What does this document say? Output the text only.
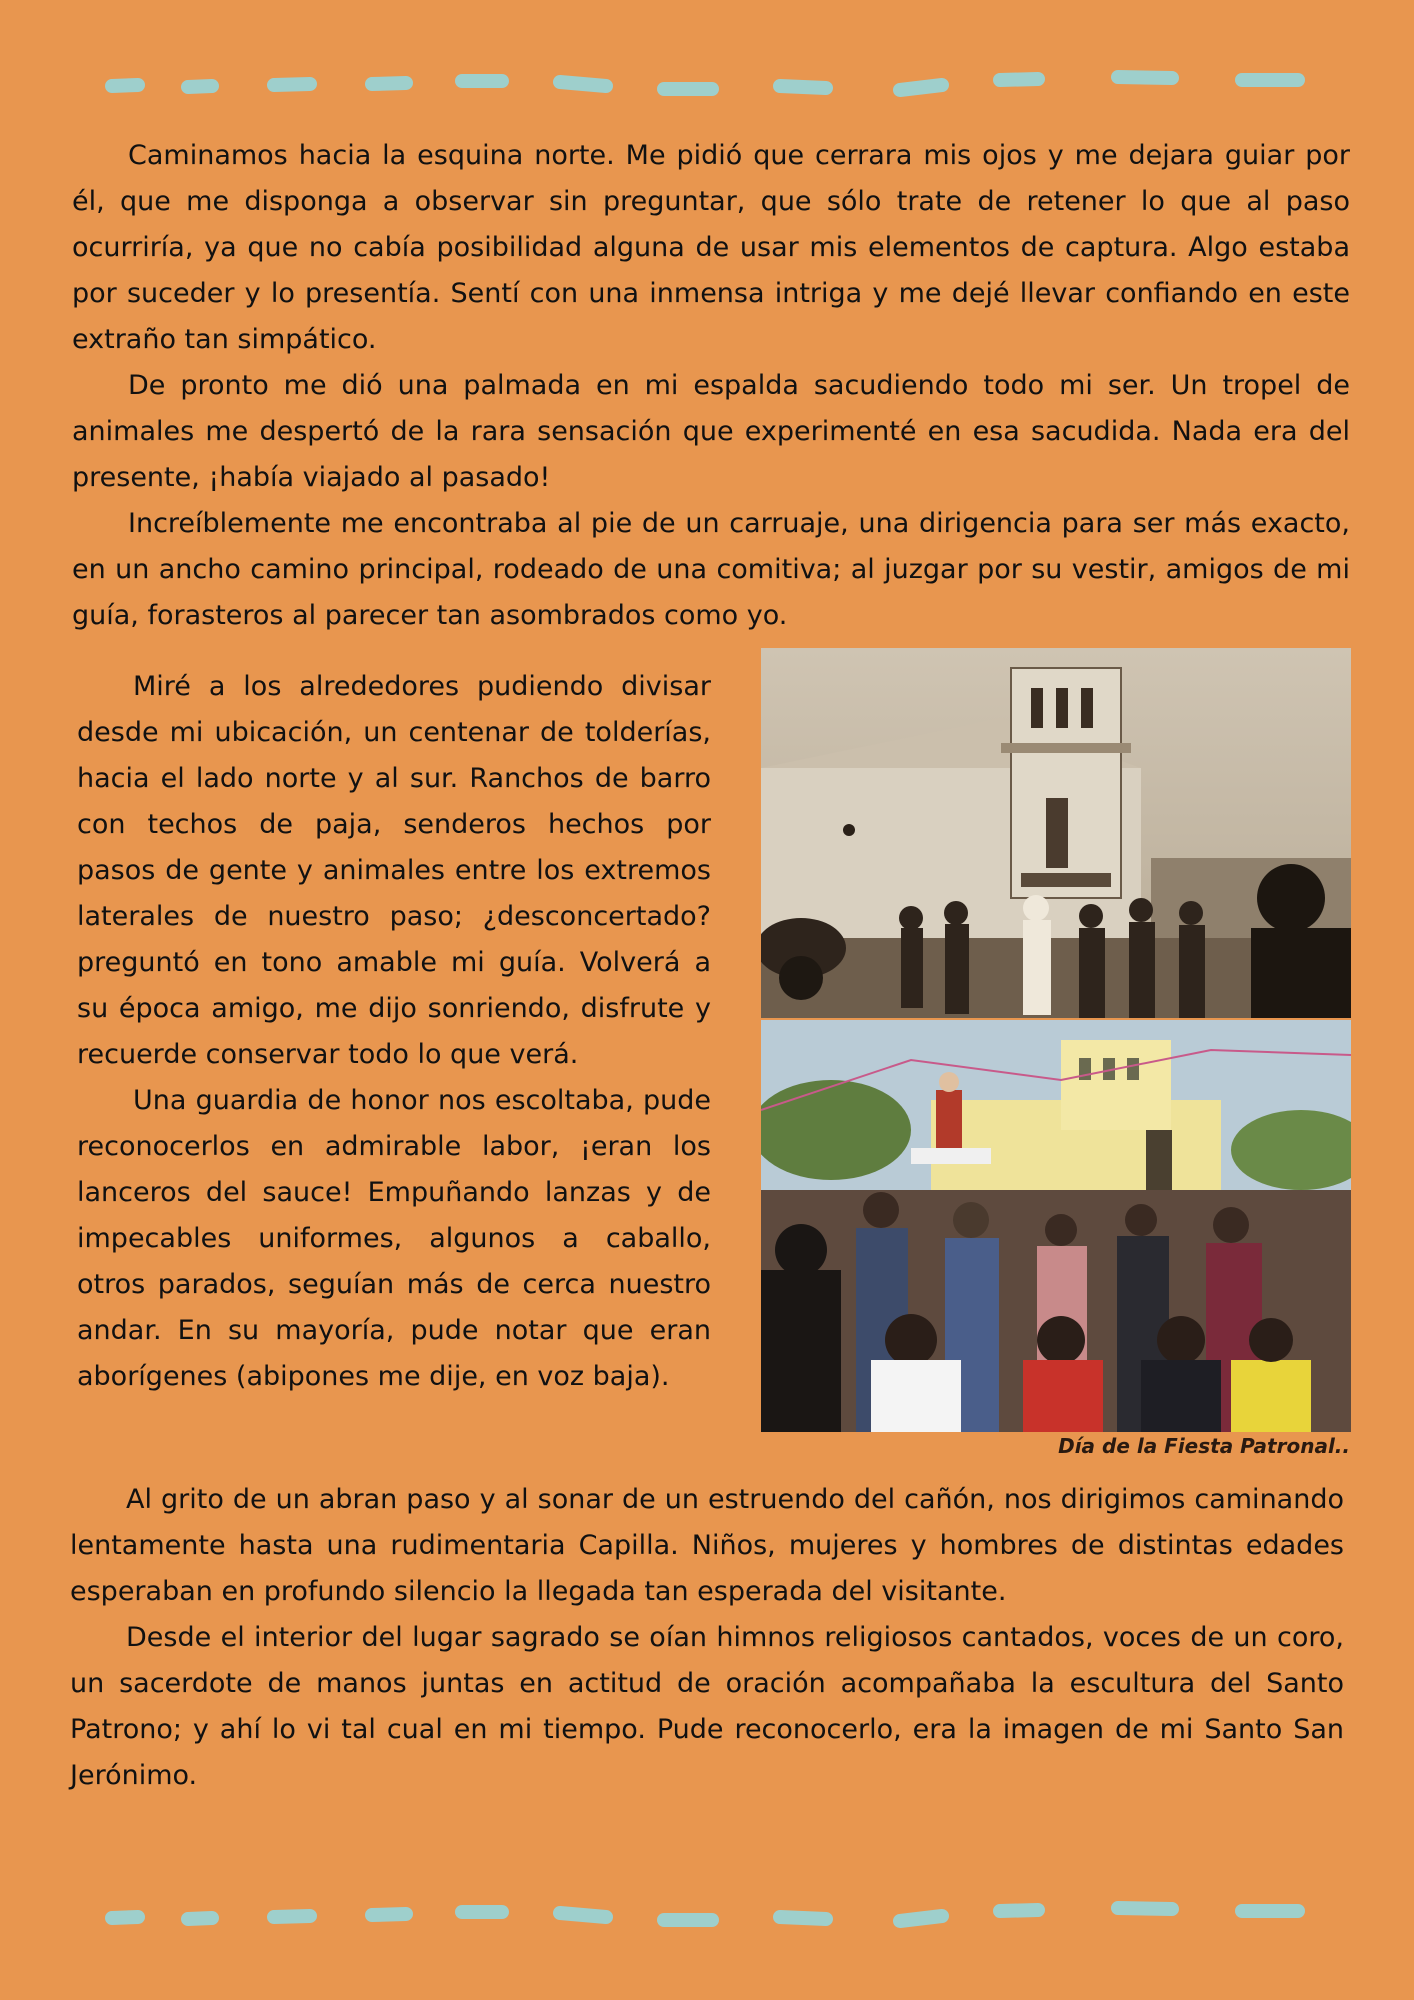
Caminamos hacia la esquina norte. Me pidió que cerrara mis ojos y me dejara guiar por él, que me disponga a observar sin preguntar, que sólo trate de retener lo que al paso ocurriría, ya que no cabía posibilidad alguna de usar mis elementos de captura. Algo estaba por suceder y lo presentía. Sentí con una inmensa intriga y me dejé llevar confiando en este extraño tan simpático.

De pronto me dió una palmada en mi espalda sacudiendo todo mi ser. Un tropel de animales me despertó de la rara sensación que experimenté en esa sacudida. Nada era del presente, ¡había viajado al pasado!

Increíblemente me encontraba al pie de un carruaje, una dirigencia para ser más exacto, en un ancho camino principal, rodeado de una comitiva; al juzgar por su vestir, amigos de mi guía, forasteros al parecer tan asombrados como yo.

Miré a los alrededores pudiendo divisar desde mi ubicación, un centenar de tolderías, hacia el lado norte y al sur. Ranchos de barro con techos de paja, senderos hechos por pasos de gente y animales entre los extremos laterales de nuestro paso; ¿desconcertado? preguntó en tono amable mi guía. Volverá a su época amigo, me dijo sonriendo, disfrute y recuerde conservar todo lo que verá.

Una guardia de honor nos escoltaba, pude reconocerlos en admirable labor, ¡eran los lanceros del sauce! Empuñando lanzas y de impecables uniformes, algunos a caballo, otros parados, seguían más de cerca nuestro andar. En su mayoría, pude notar que eran aborígenes (abipones me dije, en voz baja).

Día de la Fiesta Patronal..

Al grito de un abran paso y al sonar de un estruendo del cañón, nos dirigimos caminando lentamente hasta una rudimentaria Capilla. Niños, mujeres y hombres de distintas edades esperaban en profundo silencio la llegada tan esperada del visitante.

Desde el interior del lugar sagrado se oían himnos religiosos cantados, voces de un coro, un sacerdote de manos juntas en actitud de oración acompañaba la escultura del Santo Patrono; y ahí lo vi tal cual en mi tiempo. Pude reconocerlo, era la imagen de mi Santo San Jerónimo.
